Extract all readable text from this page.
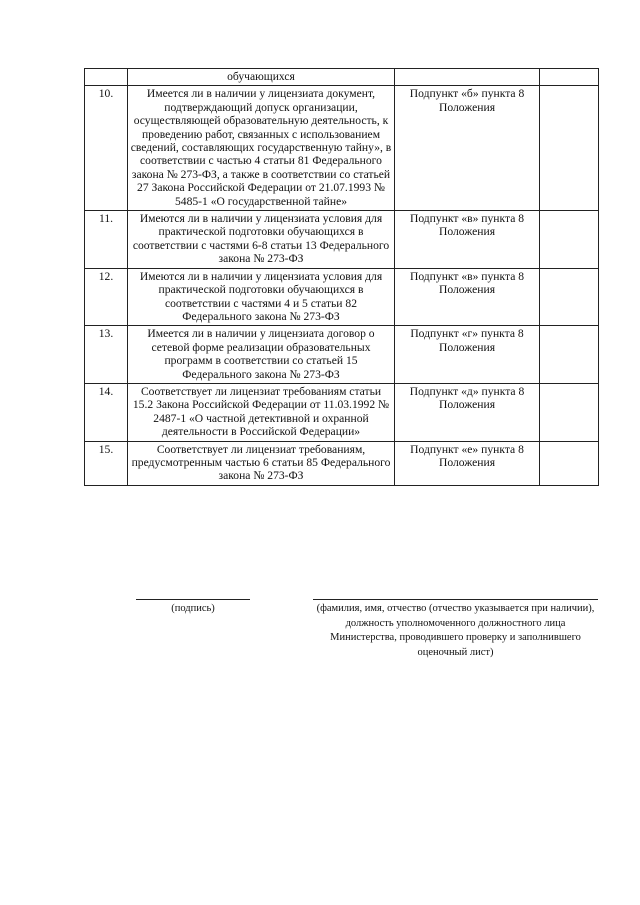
	обучающихся		
10.	Имеется ли в наличии у лицензиата документ, подтверждающий допуск организации, осуществляющей образовательную деятельность, к проведению работ, связанных с использованием сведений, составляющих государственную тайну», в соответствии с частью 4 статьи 81 Федерального закона № 273-ФЗ, а также в соответствии со статьей 27 Закона Российской Федерации от 21.07.1993 № 5485-1 «О государственной тайне»	Подпункт «б» пункта 8 Положения	
11.	Имеются ли в наличии у лицензиата условия для практической подготовки обучающихся в соответствии с частями 6-8 статьи 13 Федерального закона № 273-ФЗ	Подпункт «в» пункта 8 Положения	
12.	Имеются ли в наличии у лицензиата условия для практической подготовки обучающихся в соответствии с частями 4 и 5 статьи 82 Федерального закона № 273-ФЗ	Подпункт «в» пункта 8 Положения	
13.	Имеется ли в наличии у лицензиата договор о сетевой форме реализации образовательных программ в соответствии со статьей 15 Федерального закона № 273-ФЗ	Подпункт «г» пункта 8 Положения	
14.	Соответствует ли лицензиат требованиям статьи 15.2 Закона Российской Федерации от 11.03.1992 № 2487-1 «О частной детективной и охранной деятельности в Российской Федерации»	Подпункт «д» пункта 8 Положения	
15.	Соответствует ли лицензиат требованиям, предусмотренным частью 6 статьи 85 Федерального закона № 273-ФЗ	Подпункт «е» пункта 8 Положения	
(подпись)	(фамилия, имя, отчество (отчество указывается при наличии), должность уполномоченного должностного лица Министерства, проводившего проверку и заполнившего оценочный лист)
